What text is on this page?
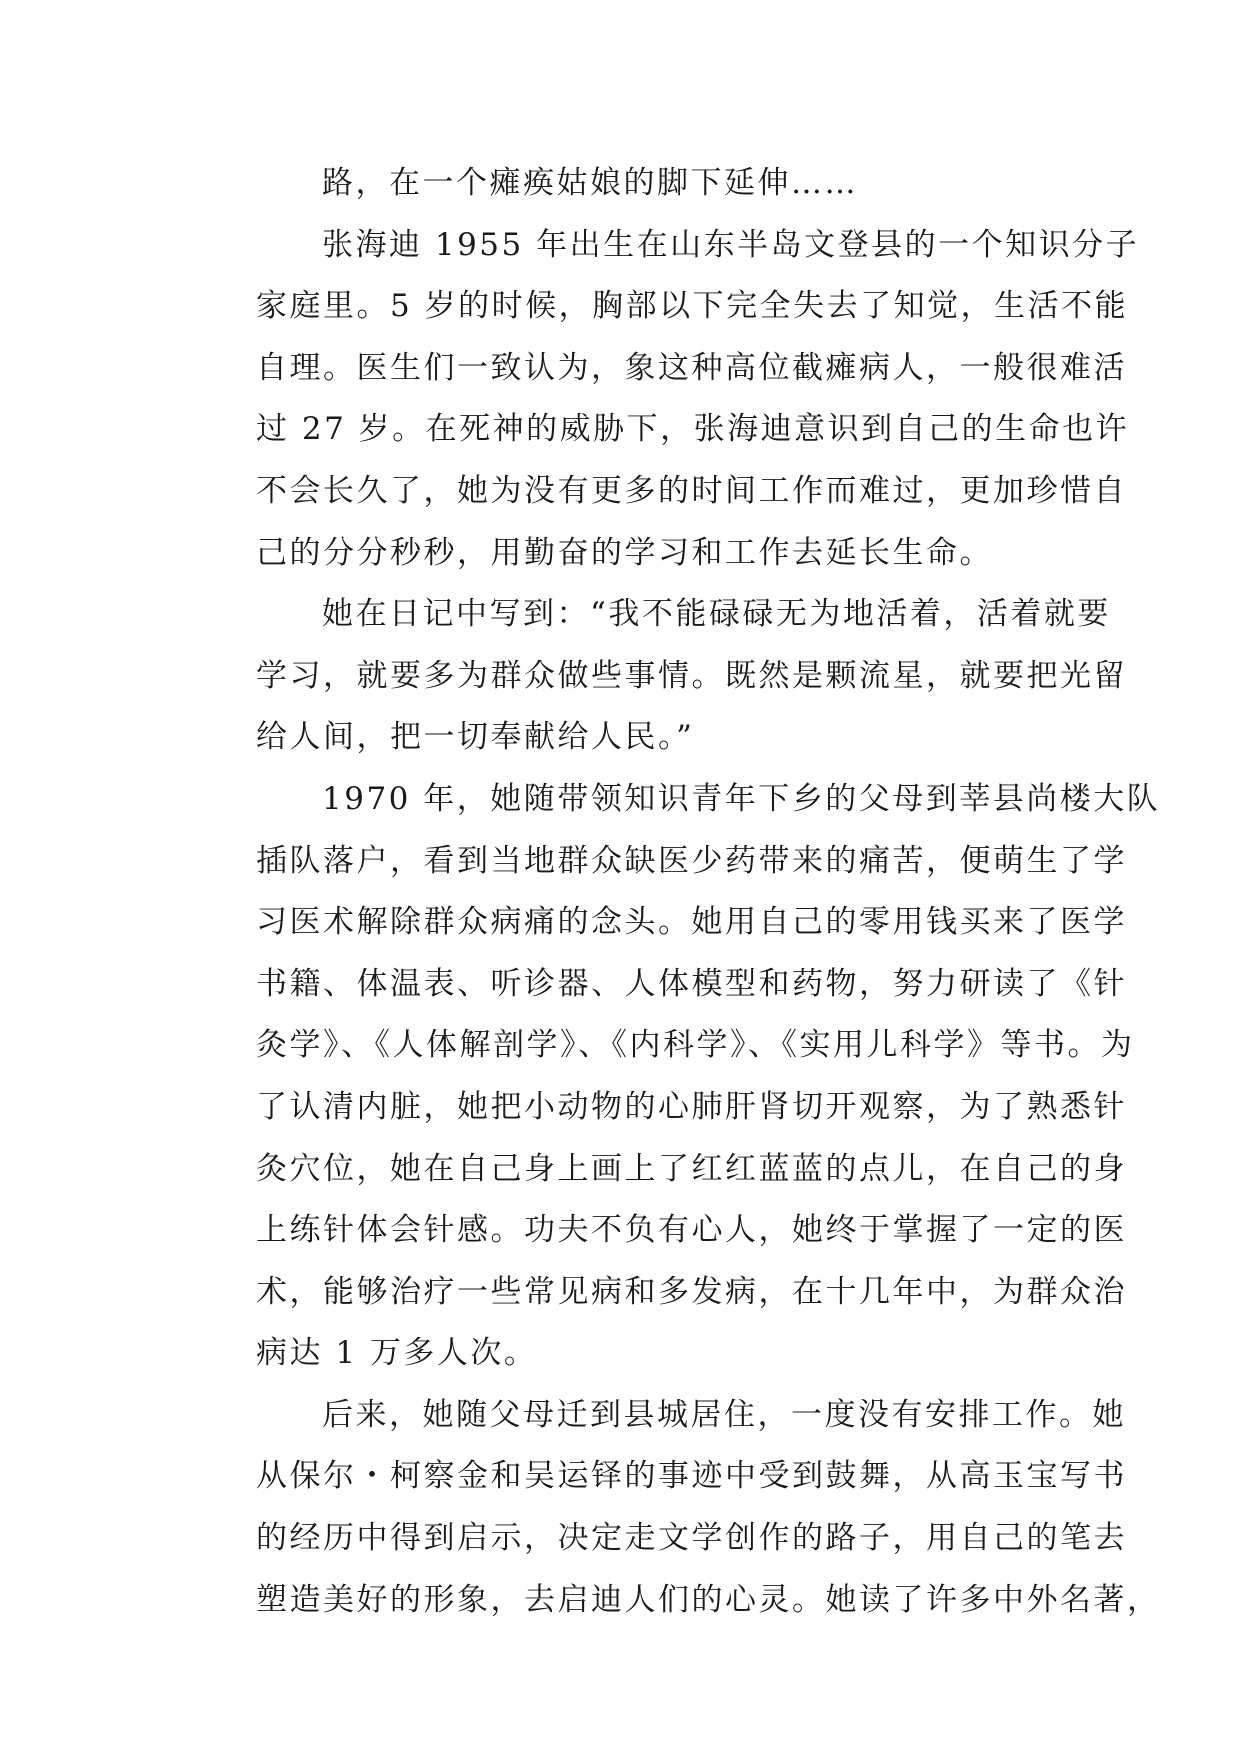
路，在一个瘫痪姑娘的脚下延伸……
张海迪 1955 年出生在山东半岛文登县的一个知识分子
家庭里。5 岁的时候，胸部以下完全失去了知觉，生活不能
自理。医生们一致认为，象这种高位截瘫病人，一般很难活
过 27 岁。在死神的威胁下，张海迪意识到自己的生命也许
不会长久了，她为没有更多的时间工作而难过，更加珍惜自
己的分分秒秒，用勤奋的学习和工作去延长生命。
她在日记中写到：“我不能碌碌无为地活着，活着就要
学习，就要多为群众做些事情。既然是颗流星，就要把光留
给人间，把一切奉献给人民。”
1970 年，她随带领知识青年下乡的父母到莘县尚楼大队
插队落户，看到当地群众缺医少药带来的痛苦，便萌生了学
习医术解除群众病痛的念头。她用自己的零用钱买来了医学
书籍、体温表、听诊器、人体模型和药物，努力研读了《针
灸学》、《人体解剖学》、《内科学》、《实用儿科学》等书。为
了认清内脏，她把小动物的心肺肝肾切开观察，为了熟悉针
灸穴位，她在自己身上画上了红红蓝蓝的点儿，在自己的身
上练针体会针感。功夫不负有心人，她终于掌握了一定的医
术，能够治疗一些常见病和多发病，在十几年中，为群众治
病达 1 万多人次。
后来，她随父母迁到县城居住，一度没有安排工作。她
从保尔・柯察金和吴运铎的事迹中受到鼓舞，从高玉宝写书
的经历中得到启示，决定走文学创作的路子，用自己的笔去
塑造美好的形象，去启迪人们的心灵。她读了许多中外名著，
